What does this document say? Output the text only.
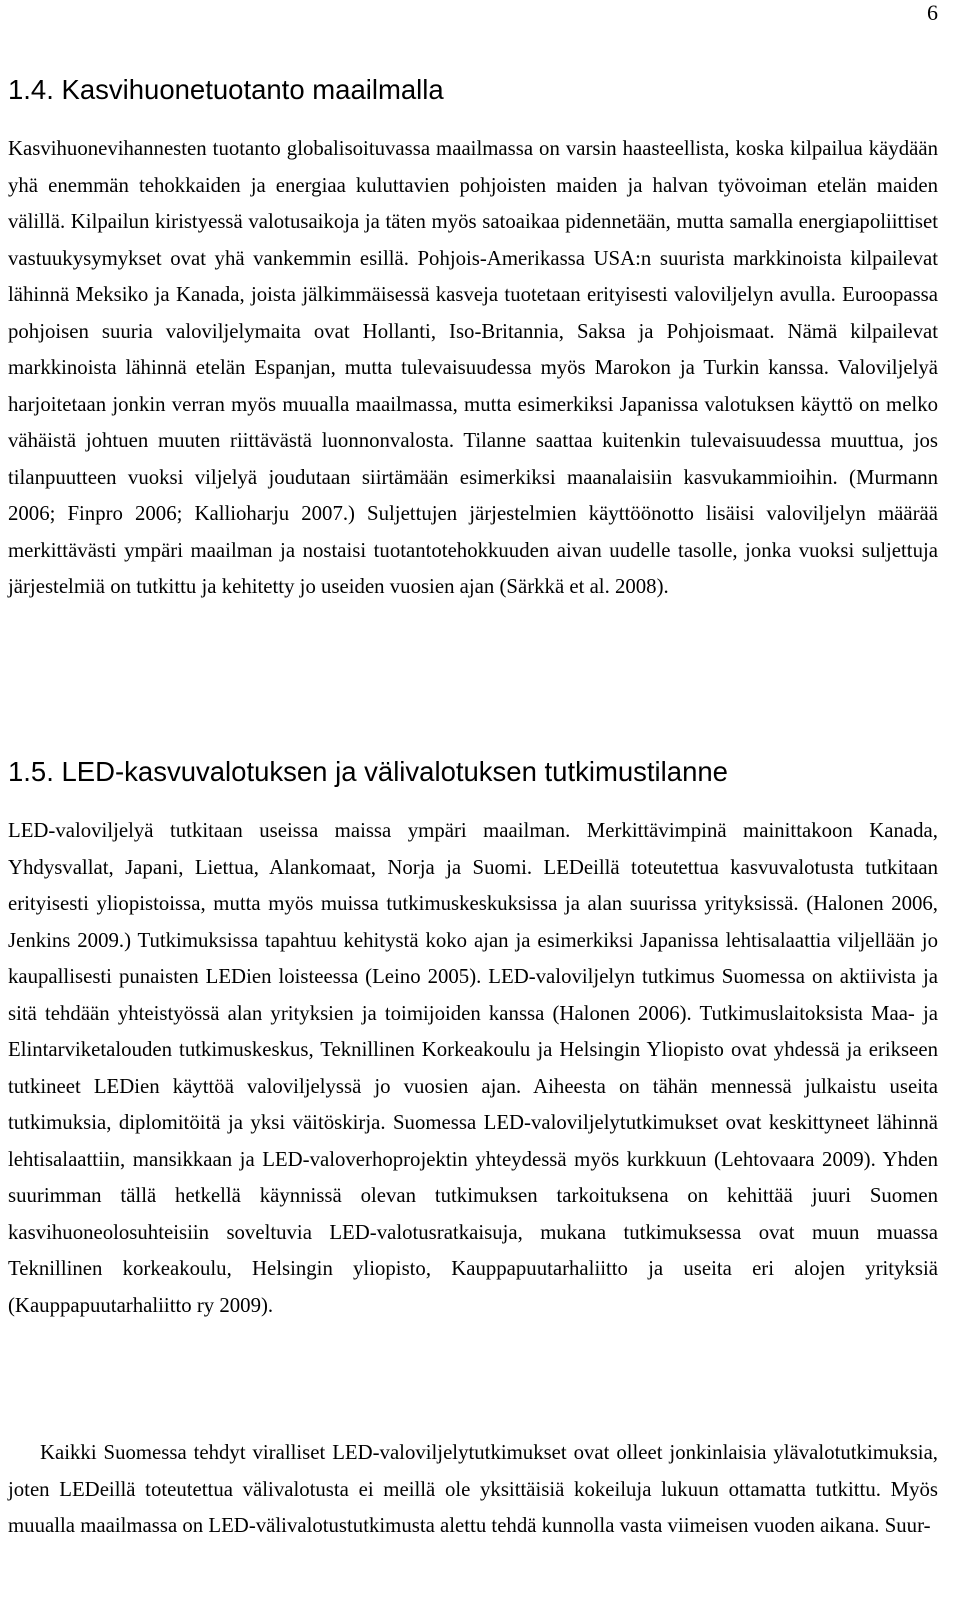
6
1.4. Kasvihuonetuotanto maailmalla

Kasvihuonevihannesten tuotanto globalisoituvassa maailmassa on varsin haasteellista, koska kilpailua käydään yhä enemmän tehokkaiden ja energiaa kuluttavien pohjoisten maiden ja halvan työvoiman etelän maiden välillä. Kilpailun kiristyessä valotusaikoja ja täten myös satoaikaa pidennetään, mutta samalla energiapoliittiset vastuukysymykset ovat yhä vankemmin esillä. Pohjois-Amerikassa USA:n suurista markkinoista kilpailevat lähinnä Meksiko ja Kanada, joista jälkimmäisessä kasveja tuotetaan erityisesti valoviljelyn avulla. Euroopassa pohjoisen suuria valoviljelymaita ovat Hollanti, Iso-Britannia, Saksa ja Pohjoismaat. Nämä kilpailevat markkinoista lähinnä etelän Espanjan, mutta tulevaisuudessa myös Marokon ja Turkin kanssa. Valoviljelyä harjoitetaan jonkin verran myös muualla maailmassa, mutta esimerkiksi Japanissa valotuksen käyttö on melko vähäistä johtuen muuten riittävästä luonnonvalosta. Tilanne saattaa kuitenkin tulevaisuudessa muuttua, jos tilanpuutteen vuoksi viljelyä joudutaan siirtämään esimerkiksi maanalaisiin kasvukammioihin. (Murmann 2006; Finpro 2006; Kallioharju 2007.) Suljettujen järjestelmien käyttöönotto lisäisi valoviljelyn määrää merkittävästi ympäri maailman ja nostaisi tuotantotehokkuuden aivan uudelle tasolle, jonka vuoksi suljettuja järjestelmiä on tutkittu ja kehitetty jo useiden vuosien ajan (Särkkä et al. 2008).

1.5. LED-kasvuvalotuksen ja välivalotuksen tutkimustilanne

LED-valoviljelyä tutkitaan useissa maissa ympäri maailman. Merkittävimpinä mainittakoon Kanada, Yhdysvallat, Japani, Liettua, Alankomaat, Norja ja Suomi. LEDeillä toteutettua kasvuvalotusta tutkitaan erityisesti yliopistoissa, mutta myös muissa tutkimuskeskuksissa ja alan suurissa yrityksissä. (Halonen 2006, Jenkins 2009.) Tutkimuksissa tapahtuu kehitystä koko ajan ja esimerkiksi Japanissa lehtisalaattia viljellään jo kaupallisesti punaisten LEDien loisteessa (Leino 2005). LED-valoviljelyn tutkimus Suomessa on aktiivista ja sitä tehdään yhteistyössä alan yrityksien ja toimijoiden kanssa (Halonen 2006). Tutkimuslaitoksista Maa- ja Elintarviketalouden tutkimuskeskus, Teknillinen Korkeakoulu ja Helsingin Yliopisto ovat yhdessä ja erikseen tutkineet LEDien käyttöä valoviljelyssä jo vuosien ajan. Aiheesta on tähän mennessä julkaistu useita tutkimuksia, diplomitöitä ja yksi väitöskirja. Suomessa LED-valoviljelytutkimukset ovat keskittyneet lähinnä lehtisalaattiin, mansikkaan ja LED-valoverhoprojektin yhteydessä myös kurkkuun (Lehtovaara 2009). Yhden suurimman tällä hetkellä käynnissä olevan tutkimuksen tarkoituksena on kehittää juuri Suomen kasvihuoneolosuhteisiin soveltuvia LED-valotusratkaisuja, mukana tutkimuksessa ovat muun muassa Teknillinen korkeakoulu, Helsingin yliopisto, Kauppapuutarhaliitto ja useita eri alojen yrityksiä (Kauppapuutarhaliitto ry 2009).

Kaikki Suomessa tehdyt viralliset LED-valoviljelytutkimukset ovat olleet jonkinlaisia ylävalotutkimuksia, joten LEDeillä toteutettua välivalotusta ei meillä ole yksittäisiä kokeiluja lukuun ottamatta tutkittu. Myös muualla maailmassa on LED-välivalotustutkimusta alettu tehdä kunnolla vasta viimeisen vuoden aikana. Suur-
